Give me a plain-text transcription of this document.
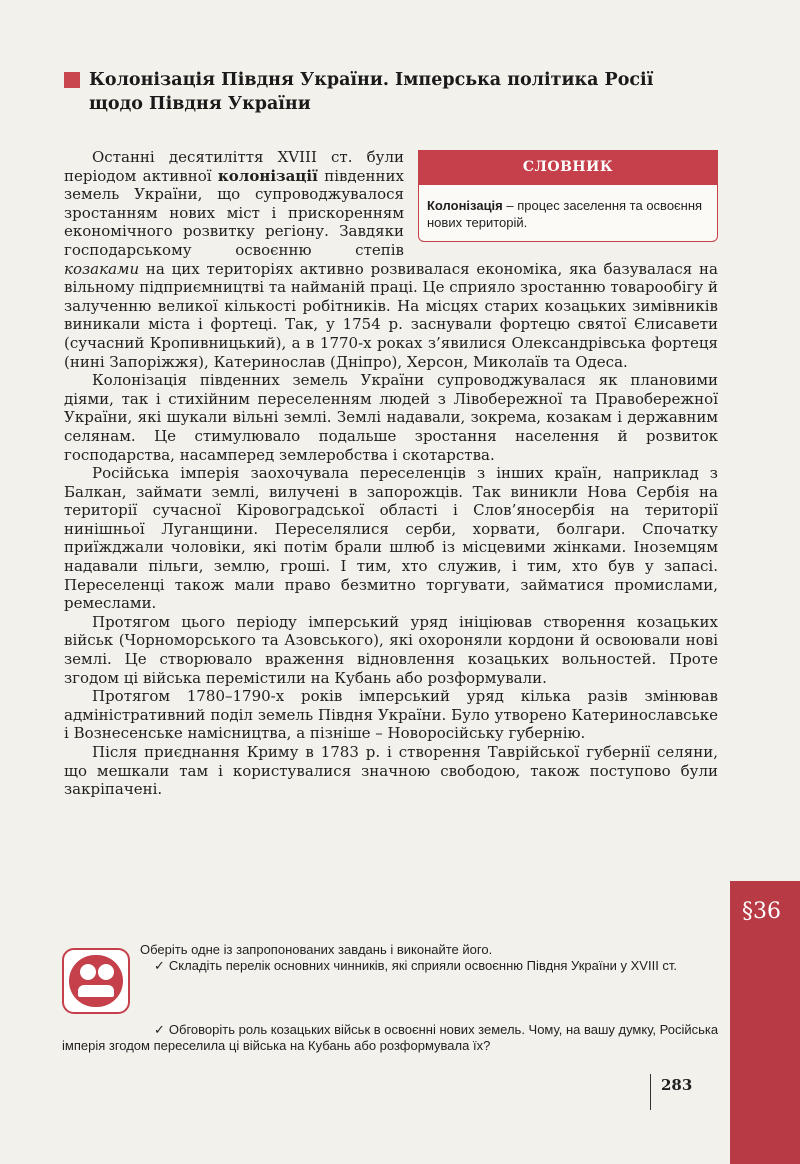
Колонізація Півдня України. Імперська політика Росії щодо Півдня України
СЛОВНИК
Колонізація – процес заселення та освоєння нових територій.

Останні десятиліття XVIII ст. були періодом активної колонізації південних земель України, що супроводжувалося зростанням нових міст і прискоренням економічного розвитку регіону. Завдяки господарському освоєнню степів козаками на цих територіях активно розвивалася економіка, яка базувалася на вільному підприємництві та найманій праці. Це сприяло зростанню товарообігу й залученню великої кількості робітників. На місцях старих козацьких зимівників виникали міста і фортеці. Так, у 1754 р. заснували фортецю святої Єлисавети (сучасний Кропивницький), а в 1770-х роках з’явилися Олександрівська фортеця (нині Запоріжжя), Катеринослав (Дніпро), Херсон, Миколаїв та Одеса.

Колонізація південних земель України супроводжувалася як плановими діями, так і стихійним переселенням людей з Лівобережної та Правобережної України, які шукали вільні землі. Землі надавали, зокрема, козакам і державним селянам. Це стимулювало подальше зростання населення й розвиток господарства, насамперед землеробства і скотарства.

Російська імперія заохочувала переселенців з інших країн, наприклад з Балкан, займати землі, вилучені в запорожців. Так виникли Нова Сербія на території сучасної Кіровоградської області і Слов’яносербія на території нинішньої Луганщини. Переселялися серби, хорвати, болгари. Спочатку приїжджали чоловіки, які потім брали шлюб із місцевими жінками. Іноземцям надавали пільги, землю, гроші. І тим, хто служив, і тим, хто був у запасі. Переселенці також мали право безмитно торгувати, займатися промислами, ремеслами.

Протягом цього періоду імперський уряд ініціював створення козацьких військ (Чорноморського та Азовського), які охороняли кордони й освоювали нові землі. Це створювало враження відновлення козацьких вольностей. Проте згодом ці війська перемістили на Кубань або розформували.

Протягом 1780–1790-х років імперський уряд кілька разів змінював адміністративний поділ земель Півдня України. Було утворено Катеринославське і Вознесенське намісництва, а пізніше – Новоросійську губернію.

Після приєднання Криму в 1783 р. і створення Таврійської губернії селяни, що мешкали там і користувалися значною свободою, також поступово були закріпачені.

Оберіть одне із запропонованих завдань і виконайте його.
✓ Складіть перелік основних чинників, які сприяли освоєнню Півдня України у XVIII ст.
✓ Обговоріть роль козацьких військ в освоєнні нових земель. Чому, на вашу думку, Російська імперія згодом переселила ці війська на Кубань або розформувала їх?
283
§36
